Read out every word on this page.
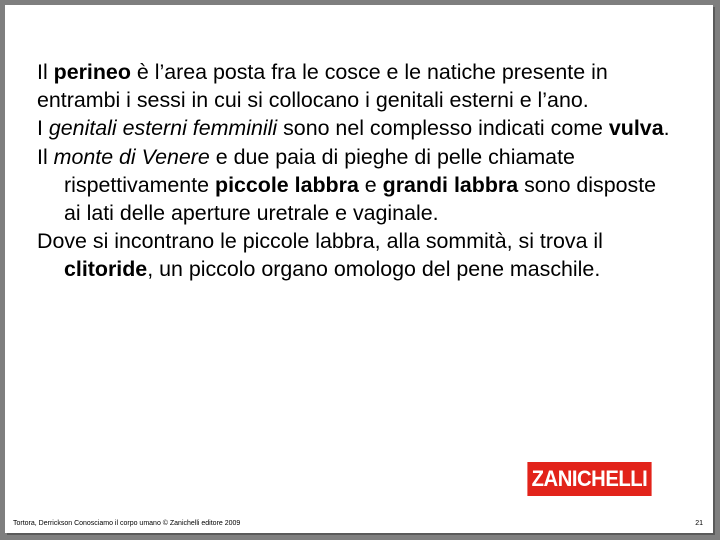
Il perineo è l’area posta fra le cosce e le natiche presente in entrambi i sessi in cui si collocano i genitali esterni e l’ano.

I genitali esterni femminili sono nel complesso indicati come vulva.

Il monte di Venere e due paia di pieghe di pelle chiamate rispettivamente piccole labbra e grandi labbra sono disposte ai lati delle aperture uretrale e vaginale.

Dove si incontrano le piccole labbra, alla sommità, si trova il clitoride, un piccolo organo omologo del pene maschile.

ZANICHELLI
Tortora, Derrickson Conosciamo il corpo umano © Zanichelli editore 2009	21
